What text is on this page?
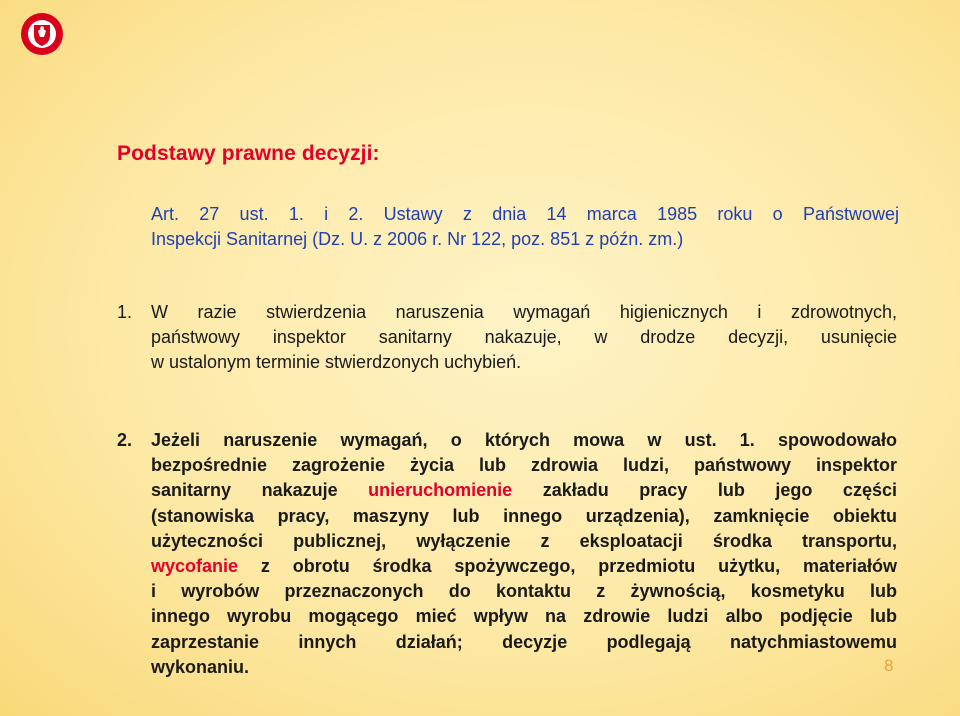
Podstawy prawne decyzji:
Art. 27 ust. 1. i 2. Ustawy z dnia 14 marca 1985 roku o Państwowej
Inspekcji Sanitarnej (Dz. U. z 2006 r. Nr 122, poz. 851 z późn. zm.)
1. W razie stwierdzenia naruszenia wymagań higienicznych i zdrowotnych,
państwowy inspektor sanitarny nakazuje, w drodze decyzji, usunięcie
w ustalonym terminie stwierdzonych uchybień.
2. Jeżeli naruszenie wymagań, o których mowa w ust. 1. spowodowało
bezpośrednie zagrożenie życia lub zdrowia ludzi, państwowy inspektor
sanitarny nakazuje unieruchomienie zakładu pracy lub jego części
(stanowiska pracy, maszyny lub innego urządzenia), zamknięcie obiektu
użyteczności publicznej, wyłączenie z eksploatacji środka transportu,
wycofanie z obrotu środka spożywczego, przedmiotu użytku, materiałów
i wyrobów przeznaczonych do kontaktu z żywnością, kosmetyku lub
innego wyrobu mogącego mieć wpływ na zdrowie ludzi albo podjęcie lub
zaprzestanie innych działań; decyzje podlegają natychmiastowemu
wykonaniu.	8
